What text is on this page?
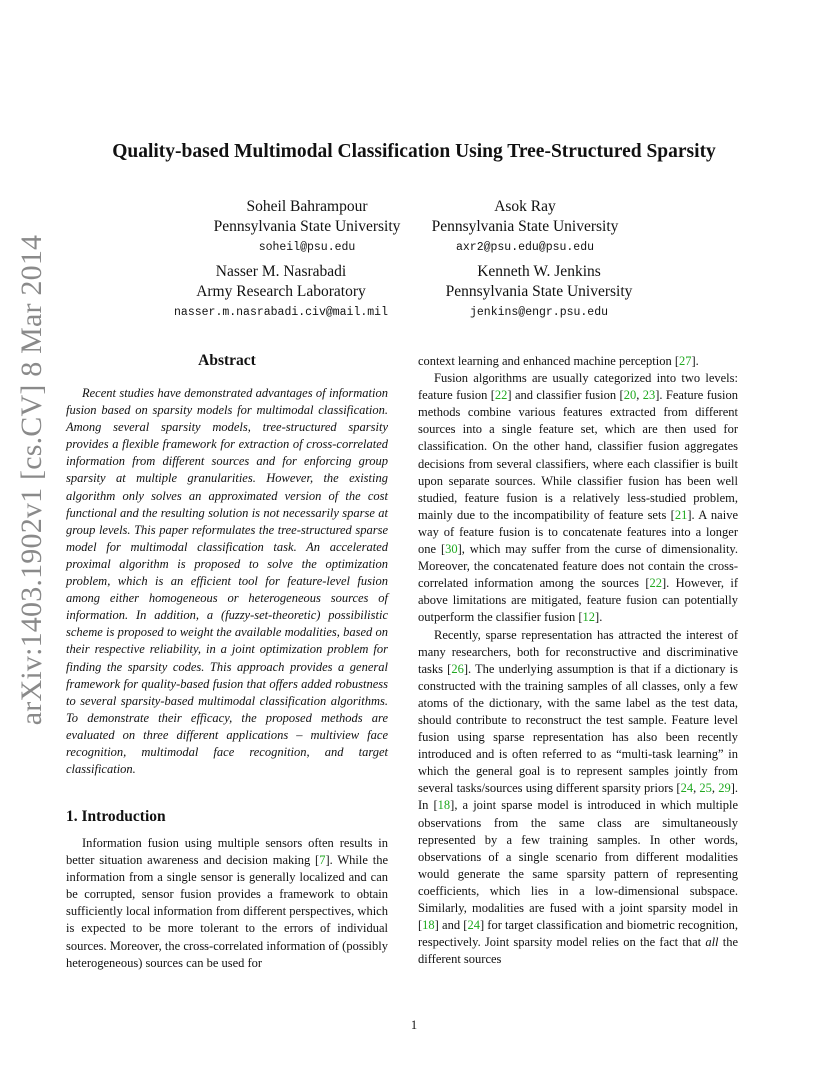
arXiv:1403.1902v1 [cs.CV] 8 Mar 2014
Quality-based Multimodal Classification Using Tree-Structured Sparsity
Soheil Bahrampour
Pennsylvania State University
soheil@psu.edu
Asok Ray
Pennsylvania State University
axr2@psu.edu@psu.edu
Nasser M. Nasrabadi
Army Research Laboratory
nasser.m.nasrabadi.civ@mail.mil
Kenneth W. Jenkins
Pennsylvania State University
jenkins@engr.psu.edu
Abstract

Recent studies have demonstrated advantages of information fusion based on sparsity models for multimodal classification. Among several sparsity models, tree-structured sparsity provides a flexible framework for extraction of cross-correlated information from different sources and for enforcing group sparsity at multiple granularities. However, the existing algorithm only solves an approximated version of the cost functional and the resulting solution is not necessarily sparse at group levels. This paper reformulates the tree-structured sparse model for multimodal classification task. An accelerated proximal algorithm is proposed to solve the optimization problem, which is an efficient tool for feature-level fusion among either homogeneous or heterogeneous sources of information. In addition, a (fuzzy-set-theoretic) possibilistic scheme is proposed to weight the available modalities, based on their respective reliability, in a joint optimization problem for finding the sparsity codes. This approach provides a general framework for quality-based fusion that offers added robustness to several sparsity-based multimodal classification algorithms. To demonstrate their efficacy, the proposed methods are evaluated on three different applications – multiview face recognition, multimodal face recognition, and target classification.

1. Introduction

Information fusion using multiple sensors often results in better situation awareness and decision making [7]. While the information from a single sensor is generally localized and can be corrupted, sensor fusion provides a framework to obtain sufficiently local information from different perspectives, which is expected to be more tolerant to the errors of individual sources. Moreover, the cross-correlated information of (possibly heterogeneous) sources can be used for

context learning and enhanced machine perception [27].

Fusion algorithms are usually categorized into two levels: feature fusion [22] and classifier fusion [20, 23]. Feature fusion methods combine various features extracted from different sources into a single feature set, which are then used for classification. On the other hand, classifier fusion aggregates decisions from several classifiers, where each classifier is built upon separate sources. While classifier fusion has been well studied, feature fusion is a relatively less-studied problem, mainly due to the incompatibility of feature sets [21]. A naive way of feature fusion is to concatenate features into a longer one [30], which may suffer from the curse of dimensionality. Moreover, the concatenated feature does not contain the cross-correlated information among the sources [22]. However, if above limitations are mitigated, feature fusion can potentially outperform the classifier fusion [12].

Recently, sparse representation has attracted the interest of many researchers, both for reconstructive and discriminative tasks [26]. The underlying assumption is that if a dictionary is constructed with the training samples of all classes, only a few atoms of the dictionary, with the same label as the test data, should contribute to reconstruct the test sample. Feature level fusion using sparse representation has also been recently introduced and is often referred to as “multi-task learning” in which the general goal is to represent samples jointly from several tasks/sources using different sparsity priors [24, 25, 29]. In [18], a joint sparse model is introduced in which multiple observations from the same class are simultaneously represented by a few training samples. In other words, observations of a single scenario from different modalities would generate the same sparsity pattern of representing coefficients, which lies in a low-dimensional subspace. Similarly, modalities are fused with a joint sparsity model in [18] and [24] for target classification and biometric recognition, respectively. Joint sparsity model relies on the fact that all the different sources

1
